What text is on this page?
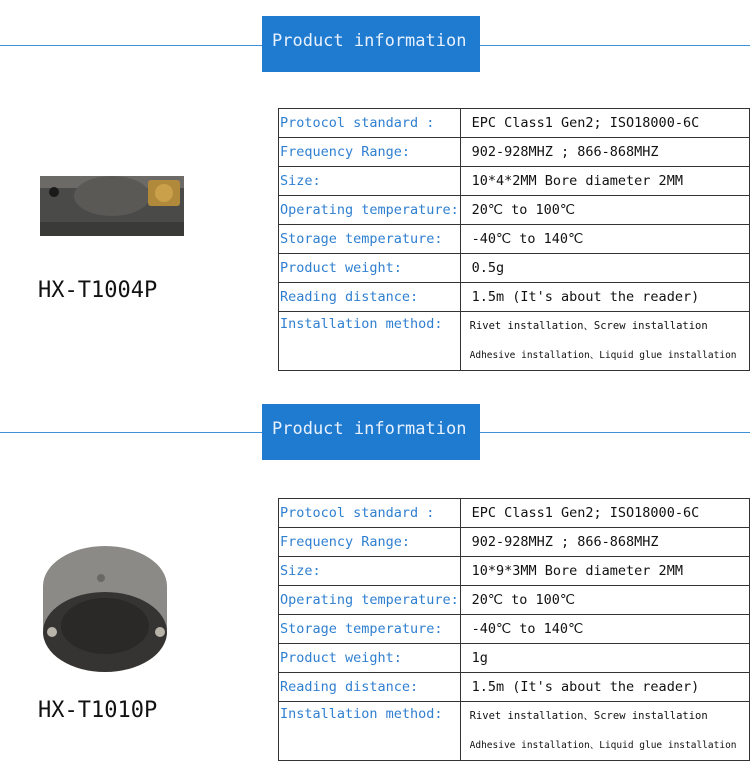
Product information
HX-T1004P
Protocol standard :	EPC Class1 Gen2; ISO18000-6C
Frequency Range:	902-928MHZ ; 866-868MHZ
Size:	10*4*2MM Bore diameter 2MM
Operating temperature:	20℃ to 100℃
Storage temperature:	-40℃ to 140℃
Product weight:	0.5g
Reading distance:	1.5m (It's about the reader)
Installation method:	Rivet installation、Screw installation
Adhesive installation、Liquid glue installation
Product information
HX-T1010P
Protocol standard :	EPC Class1 Gen2; ISO18000-6C
Frequency Range:	902-928MHZ ; 866-868MHZ
Size:	10*9*3MM Bore diameter 2MM
Operating temperature:	20℃ to 100℃
Storage temperature:	-40℃ to 140℃
Product weight:	1g
Reading distance:	1.5m (It's about the reader)
Installation method:	Rivet installation、Screw installation
Adhesive installation、Liquid glue installation
